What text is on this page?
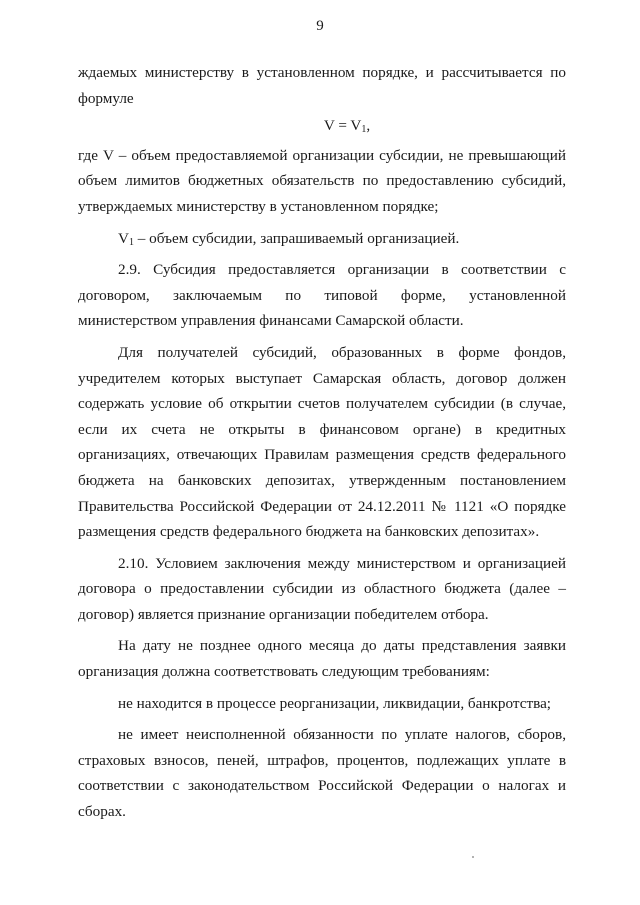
9

ждаемых министерству в установленном порядке, и рассчитывается по формуле

$V = V_1$,

где V – объем предоставляемой организации субсидии, не превышающий объем лимитов бюджетных обязательств по предоставлению субсидий, утверждаемых министерству в установленном порядке;

$V_1$ – объем субсидии, запрашиваемый организацией.

2.9. Субсидия предоставляется организации в соответствии с договором, заключаемым по типовой форме, установленной министерством управления финансами Самарской области.

Для получателей субсидий, образованных в форме фондов, учредителем которых выступает Самарская область, договор должен содержать условие об открытии счетов получателем субсидии (в случае, если их счета не открыты в финансовом органе) в кредитных организациях, отвечающих Правилам размещения средств федерального бюджета на банковских депозитах, утвержденным постановлением Правительства Российской Федерации от 24.12.2011 № 1121 «О порядке размещения средств федерального бюджета на банковских депозитах».

2.10. Условием заключения между министерством и организацией договора о предоставлении субсидии из областного бюджета (далее – договор) является признание организации победителем отбора.

На дату не позднее одного месяца до даты представления заявки организация должна соответствовать следующим требованиям:

не находится в процессе реорганизации, ликвидации, банкротства;

не имеет неисполненной обязанности по уплате налогов, сборов, страховых взносов, пеней, штрафов, процентов, подлежащих уплате в соответствии с законодательством Российской Федерации о налогах и сборах.
